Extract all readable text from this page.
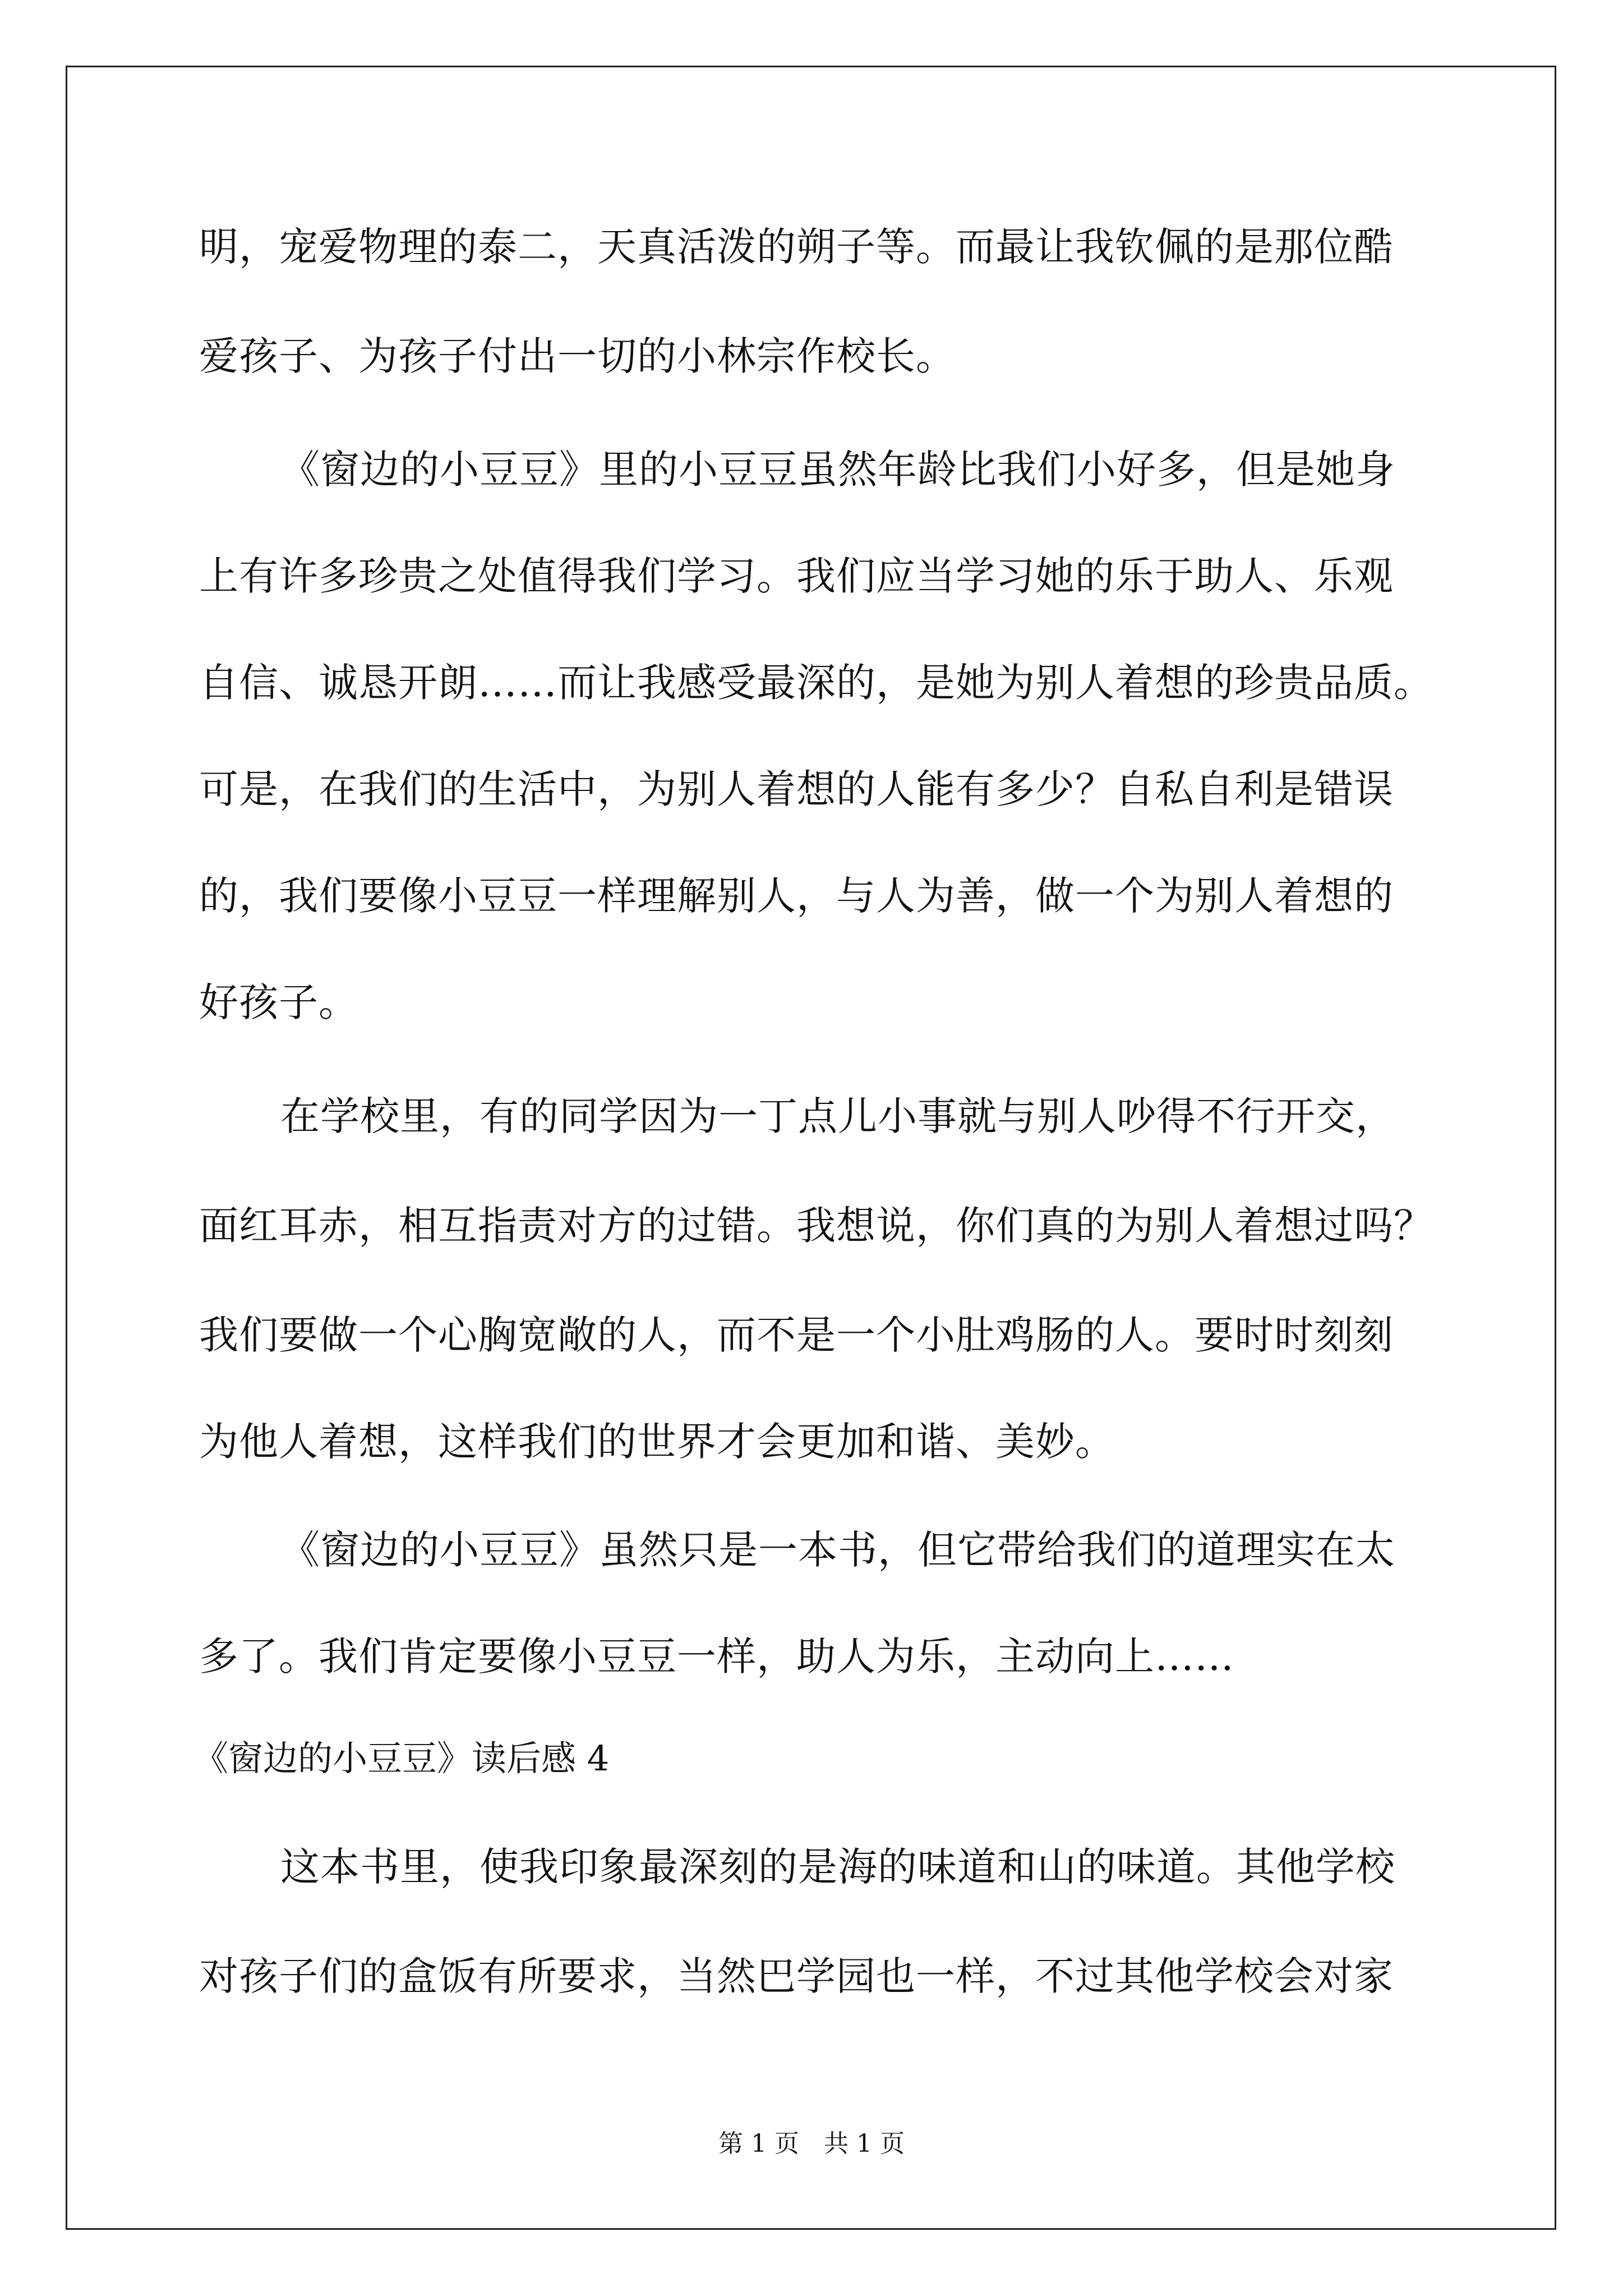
明，宠爱物理的泰二，天真活泼的朔子等。而最让我钦佩的是那位酷
爱孩子、为孩子付出一切的小林宗作校长。
《窗边的小豆豆》里的小豆豆虽然年龄比我们小好多，但是她身
上有许多珍贵之处值得我们学习。我们应当学习她的乐于助人、乐观
自信、诚恳开朗……而让我感受最深的，是她为别人着想的珍贵品质。
可是，在我们的生活中，为别人着想的人能有多少？自私自利是错误
的，我们要像小豆豆一样理解别人，与人为善，做一个为别人着想的
好孩子。
在学校里，有的同学因为一丁点儿小事就与别人吵得不行开交，
面红耳赤，相互指责对方的过错。我想说，你们真的为别人着想过吗？
我们要做一个心胸宽敞的人，而不是一个小肚鸡肠的人。要时时刻刻
为他人着想，这样我们的世界才会更加和谐、美妙。
《窗边的小豆豆》虽然只是一本书，但它带给我们的道理实在太
多了。我们肯定要像小豆豆一样，助人为乐，主动向上……
《窗边的小豆豆》读后感 4
这本书里，使我印象最深刻的是海的味道和山的味道。其他学校
对孩子们的盒饭有所要求，当然巴学园也一样，不过其他学校会对家
第 1 页　共 1 页
